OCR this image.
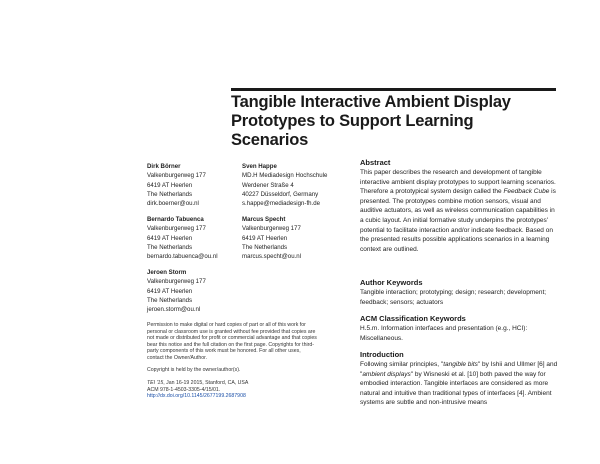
Tangible Interactive Ambient Display
Prototypes to Support Learning
Scenarios
Dirk Börner
Valkenburgerweg 177
6419 AT Heerlen
The Netherlands
dirk.boerner@ou.nl
Sven Happe
MD.H Mediadesign Hochschule
Werdener Straße 4
40227 Düsseldorf, Germany
s.happe@mediadesign-fh.de
Bernardo Tabuenca
Valkenburgerweg 177
6419 AT Heerlen
The Netherlands
bernardo.tabuenca@ou.nl
Marcus Specht
Valkenburgerweg 177
6419 AT Heerlen
The Netherlands
marcus.specht@ou.nl
Jeroen Storm
Valkenburgerweg 177
6419 AT Heerlen
The Netherlands
jeroen.storm@ou.nl
Permission to make digital or hard copies of part or all of this work for personal or classroom use is granted without fee provided that copies are not made or distributed for profit or commercial advantage and that copies bear this notice and the full citation on the first page. Copyrights for third-party components of this work must be honored. For all other uses, contact the Owner/Author.
Copyright is held by the owner/author(s).
TEI '15, Jan 16-19 2015, Stanford, CA, USA
ACM 978-1-4503-3305-4/15/01.
http://dx.doi.org/10.1145/2677199.2687908
Abstract

This paper describes the research and development of tangible interactive ambient display prototypes to support learning scenarios. Therefore a prototypical system design called the Feedback Cube is presented. The prototypes combine motion sensors, visual and auditive actuators, as well as wireless communication capabilities in a cubic layout. An initial formative study underpins the prototypes' potential to facilitate interaction and/or indicate feedback. Based on the presented results possible applications scenarios in a learning context are outlined.

Author Keywords

Tangible interaction; prototyping; design; research; development; feedback; sensors; actuators

ACM Classification Keywords

H.5.m. Information interfaces and presentation (e.g., HCI): Miscellaneous.

Introduction

Following similar principles, "tangible bits" by Ishii and Ullmer [6] and "ambient displays" by Wisneski et al. [10] both paved the way for embodied interaction. Tangible interfaces are considered as more natural and intuitive than traditional types of interfaces [4]. Ambient systems are subtle and non-intrusive means
